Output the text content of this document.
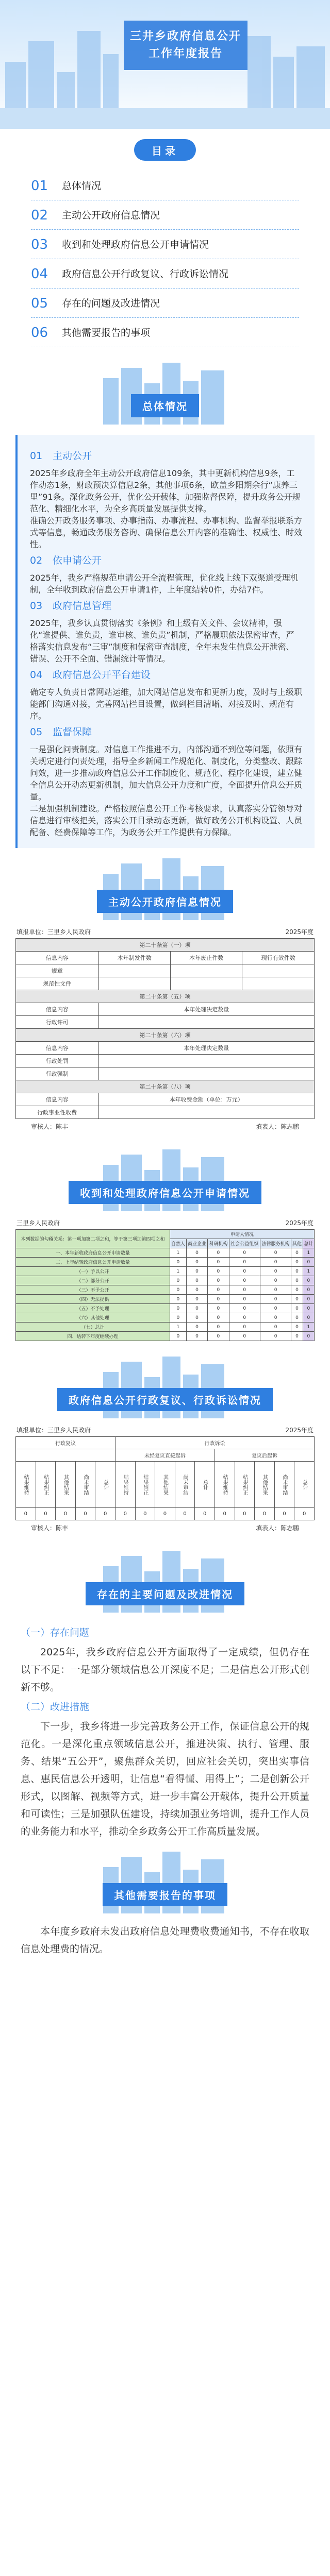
三井乡政府信息公开
工作年度报告
目录
01	总体情况
02	主动公开政府信息情况
03	收到和处理政府信息公开申请情况
04	政府信息公开行政复议、行政诉讼情况
05	存在的问题及改进情况
06	其他需要报告的事项
总体情况
01 主动公开

2025年乡政府全年主动公开政府信息109条，其中更新机构信息9条，工作动态1条，财政预决算信息2条，其他事项6条，欧盖乡阳期余行“康养三里”91条。深化政务公开，优化公开载体，加强监督保障，提升政务公开规范化、精细化水平，为全乡高质量发展提供支撑。

准确公开政务服务事项、办事指南、办事流程、办事机构、监督举报联系方式等信息，畅通政务服务咨询、确保信息公开内容的准确性、权威性、时效性。

02 依申请公开

2025年，我乡严格规范申请公开全流程管理，优化线上线下双渠道受理机制，全年收到政府信息公开申请1件，上年度结转0件，办结7件。

03 政府信息管理

2025年，我乡认真贯彻落实《条例》和上级有关文件、会议精神，强化“谁提供、谁负责，谁审核、谁负责”机制，严格履职依法保密审查，严格落实信息发布“三审”制度和保密审查制度，全年未发生信息公开泄密、错误、公开不全面、错漏统计等情况。

04 政府信息公开平台建设

确定专人负责日常网站运维，加大网站信息发布和更新力度，及时与上级职能部门沟通对接，完善网站栏目设置，做到栏目清晰、对接及时、规范有序。

05 监督保障

一是强化问责制度。对信息工作推进不力，内部沟通不到位等问题，依照有关规定进行问责处理，指导全乡新闻工作规范化、制度化，分类整改、跟踪问效，进一步推动政府信息公开工作制度化、规范化、程序化建设，建立健全信息公开动态更新机制，加大信息公开力度和广度，全面提升信息公开质量。

二是加强机制建设。严格按照信息公开工作考核要求，认真落实分管领导对信息进行审核把关，落实公开目录动态更新，做好政务公开机构设置、人员配备、经费保障等工作，为政务公开工作提供有力保障。

主动公开政府信息情况
填报单位：三里乡人民政府	2025年度
第二十条第（一）项			
信息内容	本年制发件数	本年废止件数	现行有效件数
规章			
规范性文件			
第二十条第（五）项			
信息内容	本年处理决定数量		
行政许可			
第二十条第（六）项			
信息内容	本年处理决定数量		
行政处罚			
行政强制			
第二十条第（八）项			
信息内容	本年收费金额（单位：万元）		
行政事业性收费			
审核人：陈丰	填表人：陈志鹏
收到和处理政府信息公开申请情况
三里乡人民政府	2025年度
本列数据的勾稽关系：第一项加第二项之和，等于第三项加第四项之和	申请人情况						
	自然人	商业企业	科研机构	社会公益组织	法律服务机构	其他	总计
一、本年新收政府信息公开申请数量	1	0	0	0	0	0	1
二、上年结转政府信息公开申请数量	0	0	0	0	0	0	0
（一）予以公开	1	0	0	0	0	0	1
（二）部分公开	0	0	0	0	0	0	0
（三）不予公开	0	0	0	0	0	0	0
（四）无法提供	0	0	0	0	0	0	0
（五）不予处理	0	0	0	0	0	0	0
（六）其他处理	0	0	0	0	0	0	0
（七）总计	1	0	0	0	0	0	1
四、结转下年度继续办理	0	0	0	0	0	0	0
政府信息公开行政复议、行政诉讼情况
填报单位：三里乡人民政府	2025年度
行政复议					行政诉讼									
					未经复议直接起诉					复议后起诉				
结果维持	结果纠正	其他结果	尚未审结	总计	结果维持	结果纠正	其他结果	尚未审结	总计	结果维持	结果纠正	其他结果	尚未审结	总计
0	0	0	0	0	0	0	0	0	0	0	0	0	0	0
审核人：陈丰	填表人：陈志鹏
存在的主要问题及改进情况
（一）存在问题

2025年，我乡政府信息公开方面取得了一定成绩，但仍存在以下不足：一是部分领域信息公开深度不足；二是信息公开形式创新不够。

（二）改进措施

下一步，我乡将进一步完善政务公开工作，保证信息公开的规范化。一是深化重点领域信息公开，推进决策、执行、管理、服务、结果“五公开”，聚焦群众关切，回应社会关切，突出实事信息、惠民信息公开透明，让信息“看得懂、用得上”；二是创新公开形式，以图解、视频等方式，进一步丰富公开载体，提升公开质量和可读性；三是加强队伍建设，持续加强业务培训，提升工作人员的业务能力和水平，推动全乡政务公开工作高质量发展。

其他需要报告的事项

本年度乡政府未发出政府信息处理费收费通知书，不存在收取信息处理费的情况。
